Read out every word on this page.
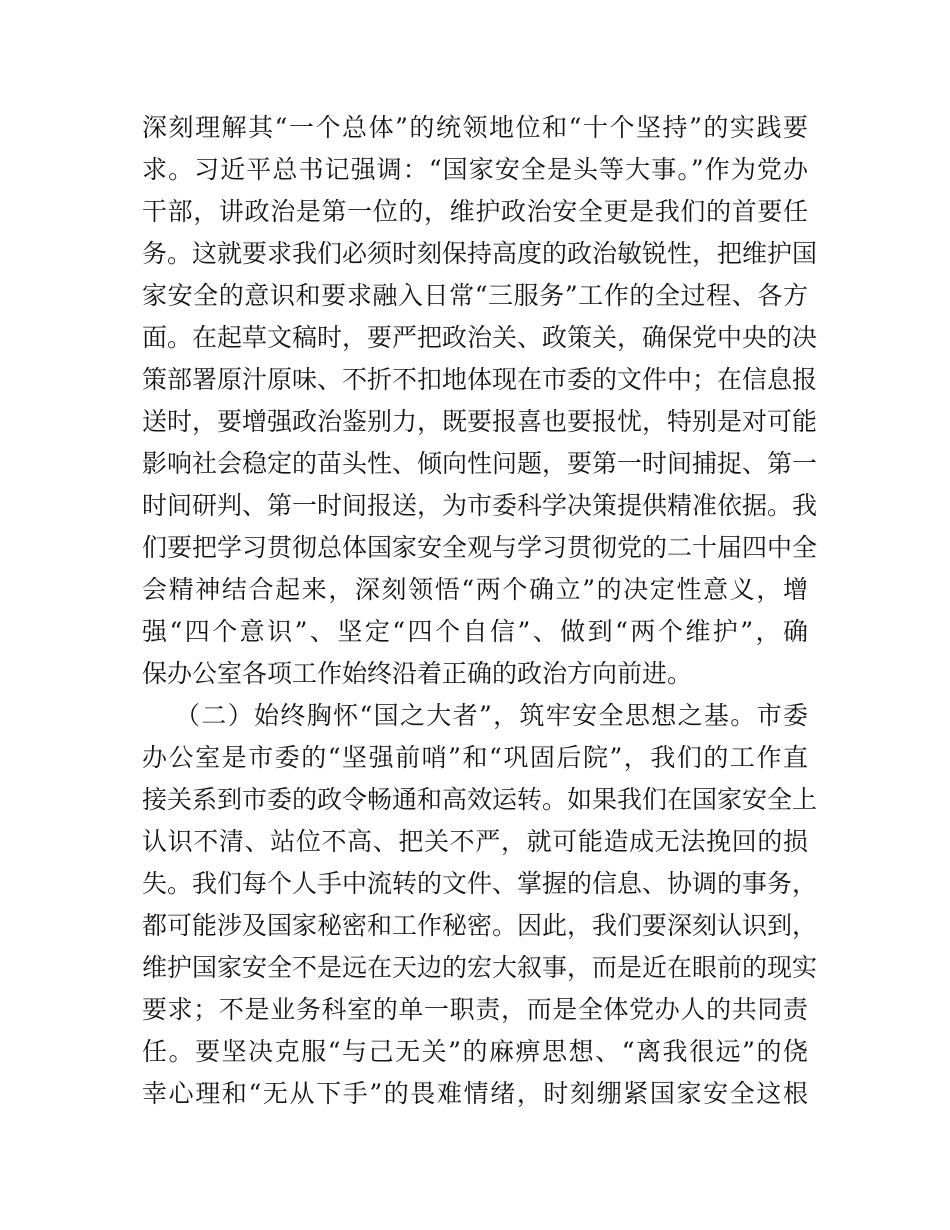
深刻理解其“一个总体”的统领地位和“十个坚持”的实践要
求。习近平总书记强调：“国家安全是头等大事。”作为党办
干部，讲政治是第一位的，维护政治安全更是我们的首要任
务。这就要求我们必须时刻保持高度的政治敏锐性，把维护国
家安全的意识和要求融入日常“三服务”工作的全过程、各方
面。在起草文稿时，要严把政治关、政策关，确保党中央的决
策部署原汁原味、不折不扣地体现在市委的文件中；在信息报
送时，要增强政治鉴别力，既要报喜也要报忧，特别是对可能
影响社会稳定的苗头性、倾向性问题，要第一时间捕捉、第一
时间研判、第一时间报送，为市委科学决策提供精准依据。我
们要把学习贯彻总体国家安全观与学习贯彻党的二十届四中全
会精神结合起来，深刻领悟“两个确立”的决定性意义，增
强“四个意识”、坚定“四个自信”、做到“两个维护”，确
保办公室各项工作始终沿着正确的政治方向前进。
（二）始终胸怀“国之大者”，筑牢安全思想之基。市委
办公室是市委的“坚强前哨”和“巩固后院”，我们的工作直
接关系到市委的政令畅通和高效运转。如果我们在国家安全上
认识不清、站位不高、把关不严，就可能造成无法挽回的损
失。我们每个人手中流转的文件、掌握的信息、协调的事务，
都可能涉及国家秘密和工作秘密。因此，我们要深刻认识到，
维护国家安全不是远在天边的宏大叙事，而是近在眼前的现实
要求；不是业务科室的单一职责，而是全体党办人的共同责
任。要坚决克服“与己无关”的麻痹思想、“离我很远”的侥
幸心理和“无从下手”的畏难情绪，时刻绷紧国家安全这根
